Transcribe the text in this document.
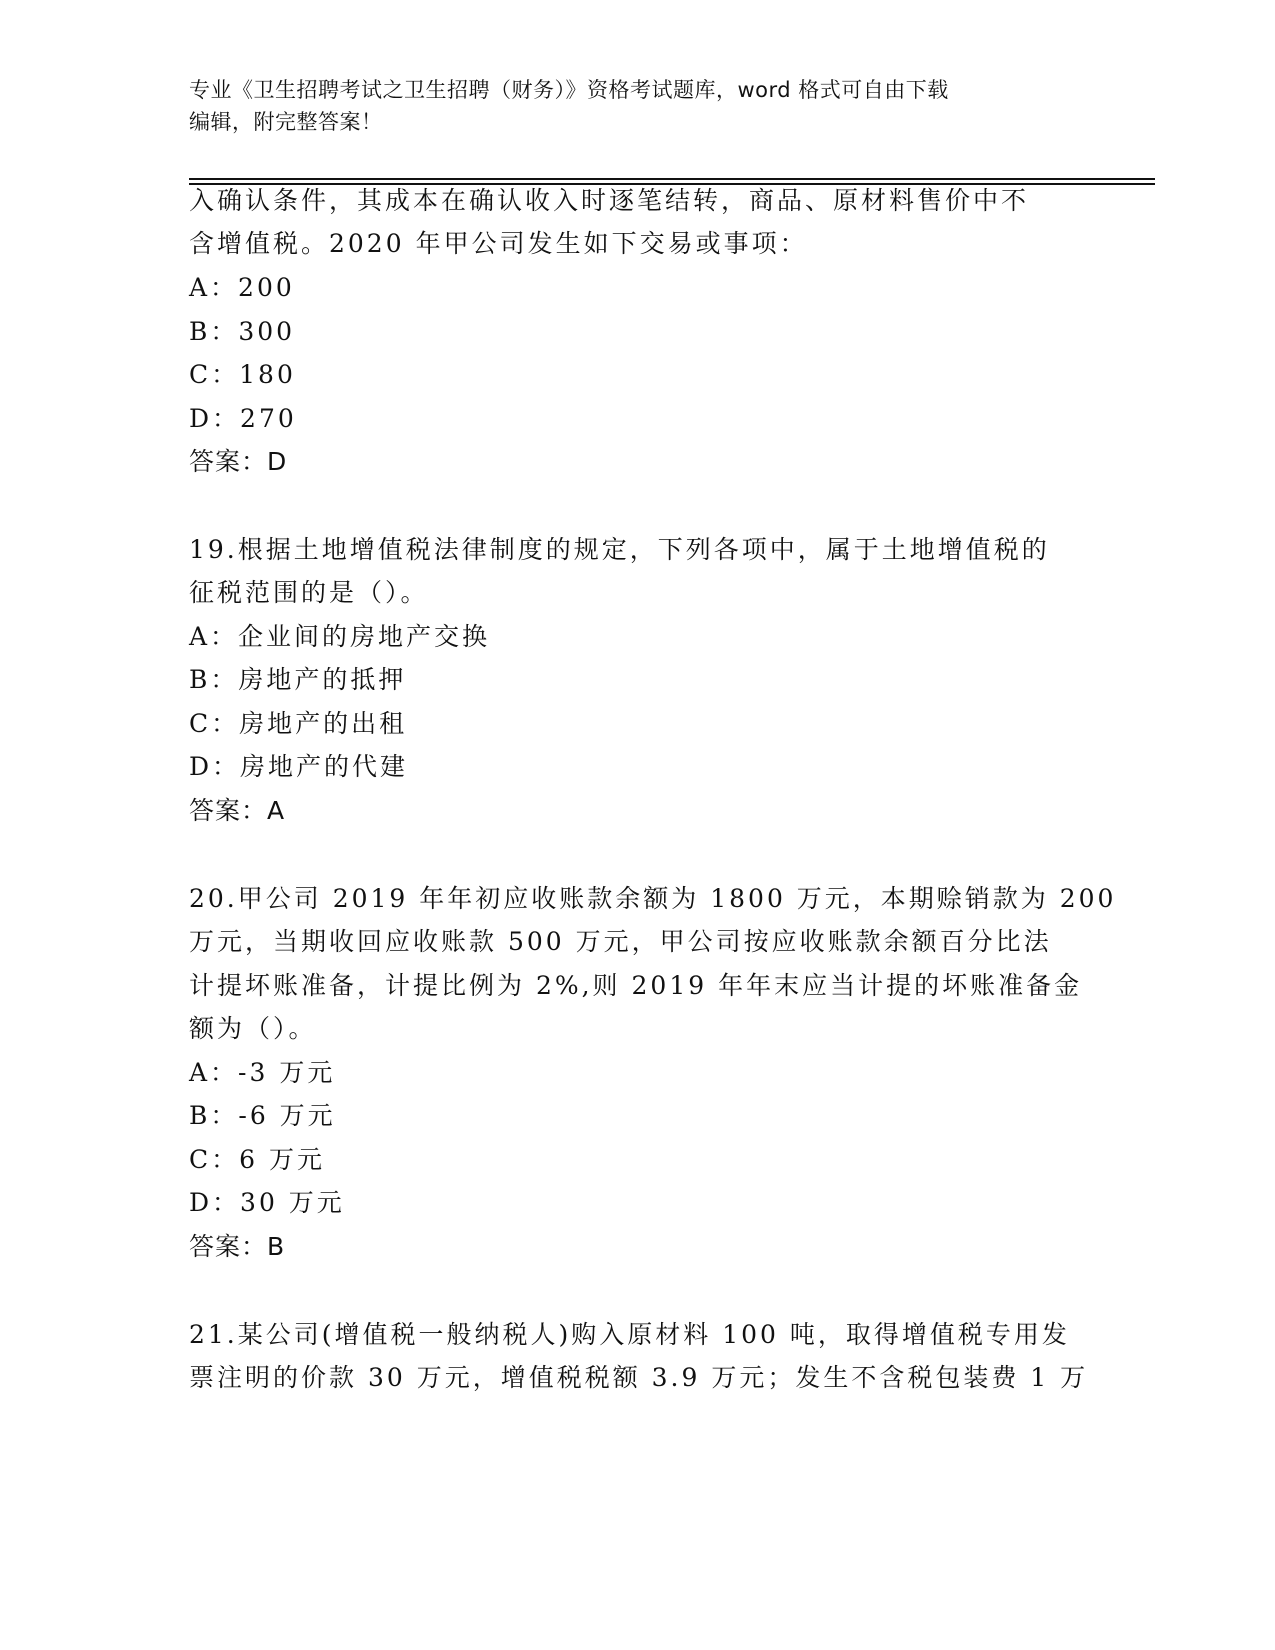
专业《卫生招聘考试之卫生招聘（财务）》资格考试题库，word 格式可自由下载
编辑，附完整答案！
入确认条件，其成本在确认收入时逐笔结转，商品、原材料售价中不
含增值税。2020 年甲公司发生如下交易或事项：
A：200
B：300
C：180
D：270
答案：D
19.根据土地增值税法律制度的规定，下列各项中，属于土地增值税的
征税范围的是（）。
A：企业间的房地产交换
B：房地产的抵押
C：房地产的出租
D：房地产的代建
答案：A
20.甲公司 2019 年年初应收账款余额为 1800 万元，本期赊销款为 200
万元，当期收回应收账款 500 万元，甲公司按应收账款余额百分比法
计提坏账准备，计提比例为 2%,则 2019 年年末应当计提的坏账准备金
额为（）。
A：-3 万元
B：-6 万元
C：6 万元
D：30 万元
答案：B
21.某公司(增值税一般纳税人)购入原材料 100 吨，取得增值税专用发
票注明的价款 30 万元，增值税税额 3.9 万元；发生不含税包装费 1 万
